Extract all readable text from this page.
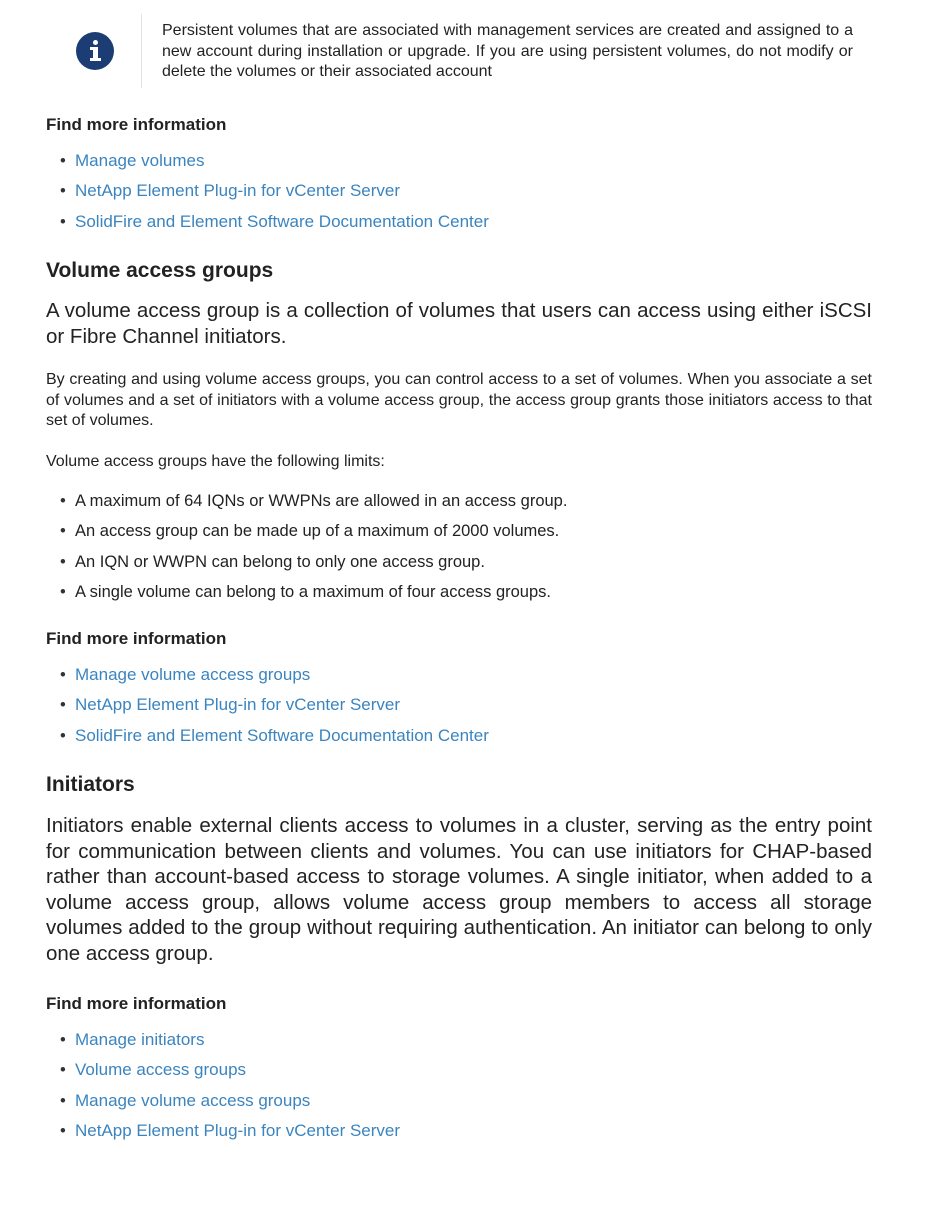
Persistent volumes that are associated with management services are created and assigned to a new account during installation or upgrade. If you are using persistent volumes, do not modify or delete the volumes or their associated account
Find more information
• Manage volumes
• NetApp Element Plug-in for vCenter Server
• SolidFire and Element Software Documentation Center
Volume access groups
A volume access group is a collection of volumes that users can access using either iSCSI or Fibre Channel initiators.
By creating and using volume access groups, you can control access to a set of volumes. When you associate a set of volumes and a set of initiators with a volume access group, the access group grants those initiators access to that set of volumes.
Volume access groups have the following limits:
• A maximum of 64 IQNs or WWPNs are allowed in an access group.
• An access group can be made up of a maximum of 2000 volumes.
• An IQN or WWPN can belong to only one access group.
• A single volume can belong to a maximum of four access groups.
Find more information
• Manage volume access groups
• NetApp Element Plug-in for vCenter Server
• SolidFire and Element Software Documentation Center
Initiators
Initiators enable external clients access to volumes in a cluster, serving as the entry point for communication between clients and volumes. You can use initiators for CHAP-based rather than account-based access to storage volumes. A single initiator, when added to a volume access group, allows volume access group members to access all storage volumes added to the group without requiring authentication. An initiator can belong to only one access group.
Find more information
• Manage initiators
• Volume access groups
• Manage volume access groups
• NetApp Element Plug-in for vCenter Server
